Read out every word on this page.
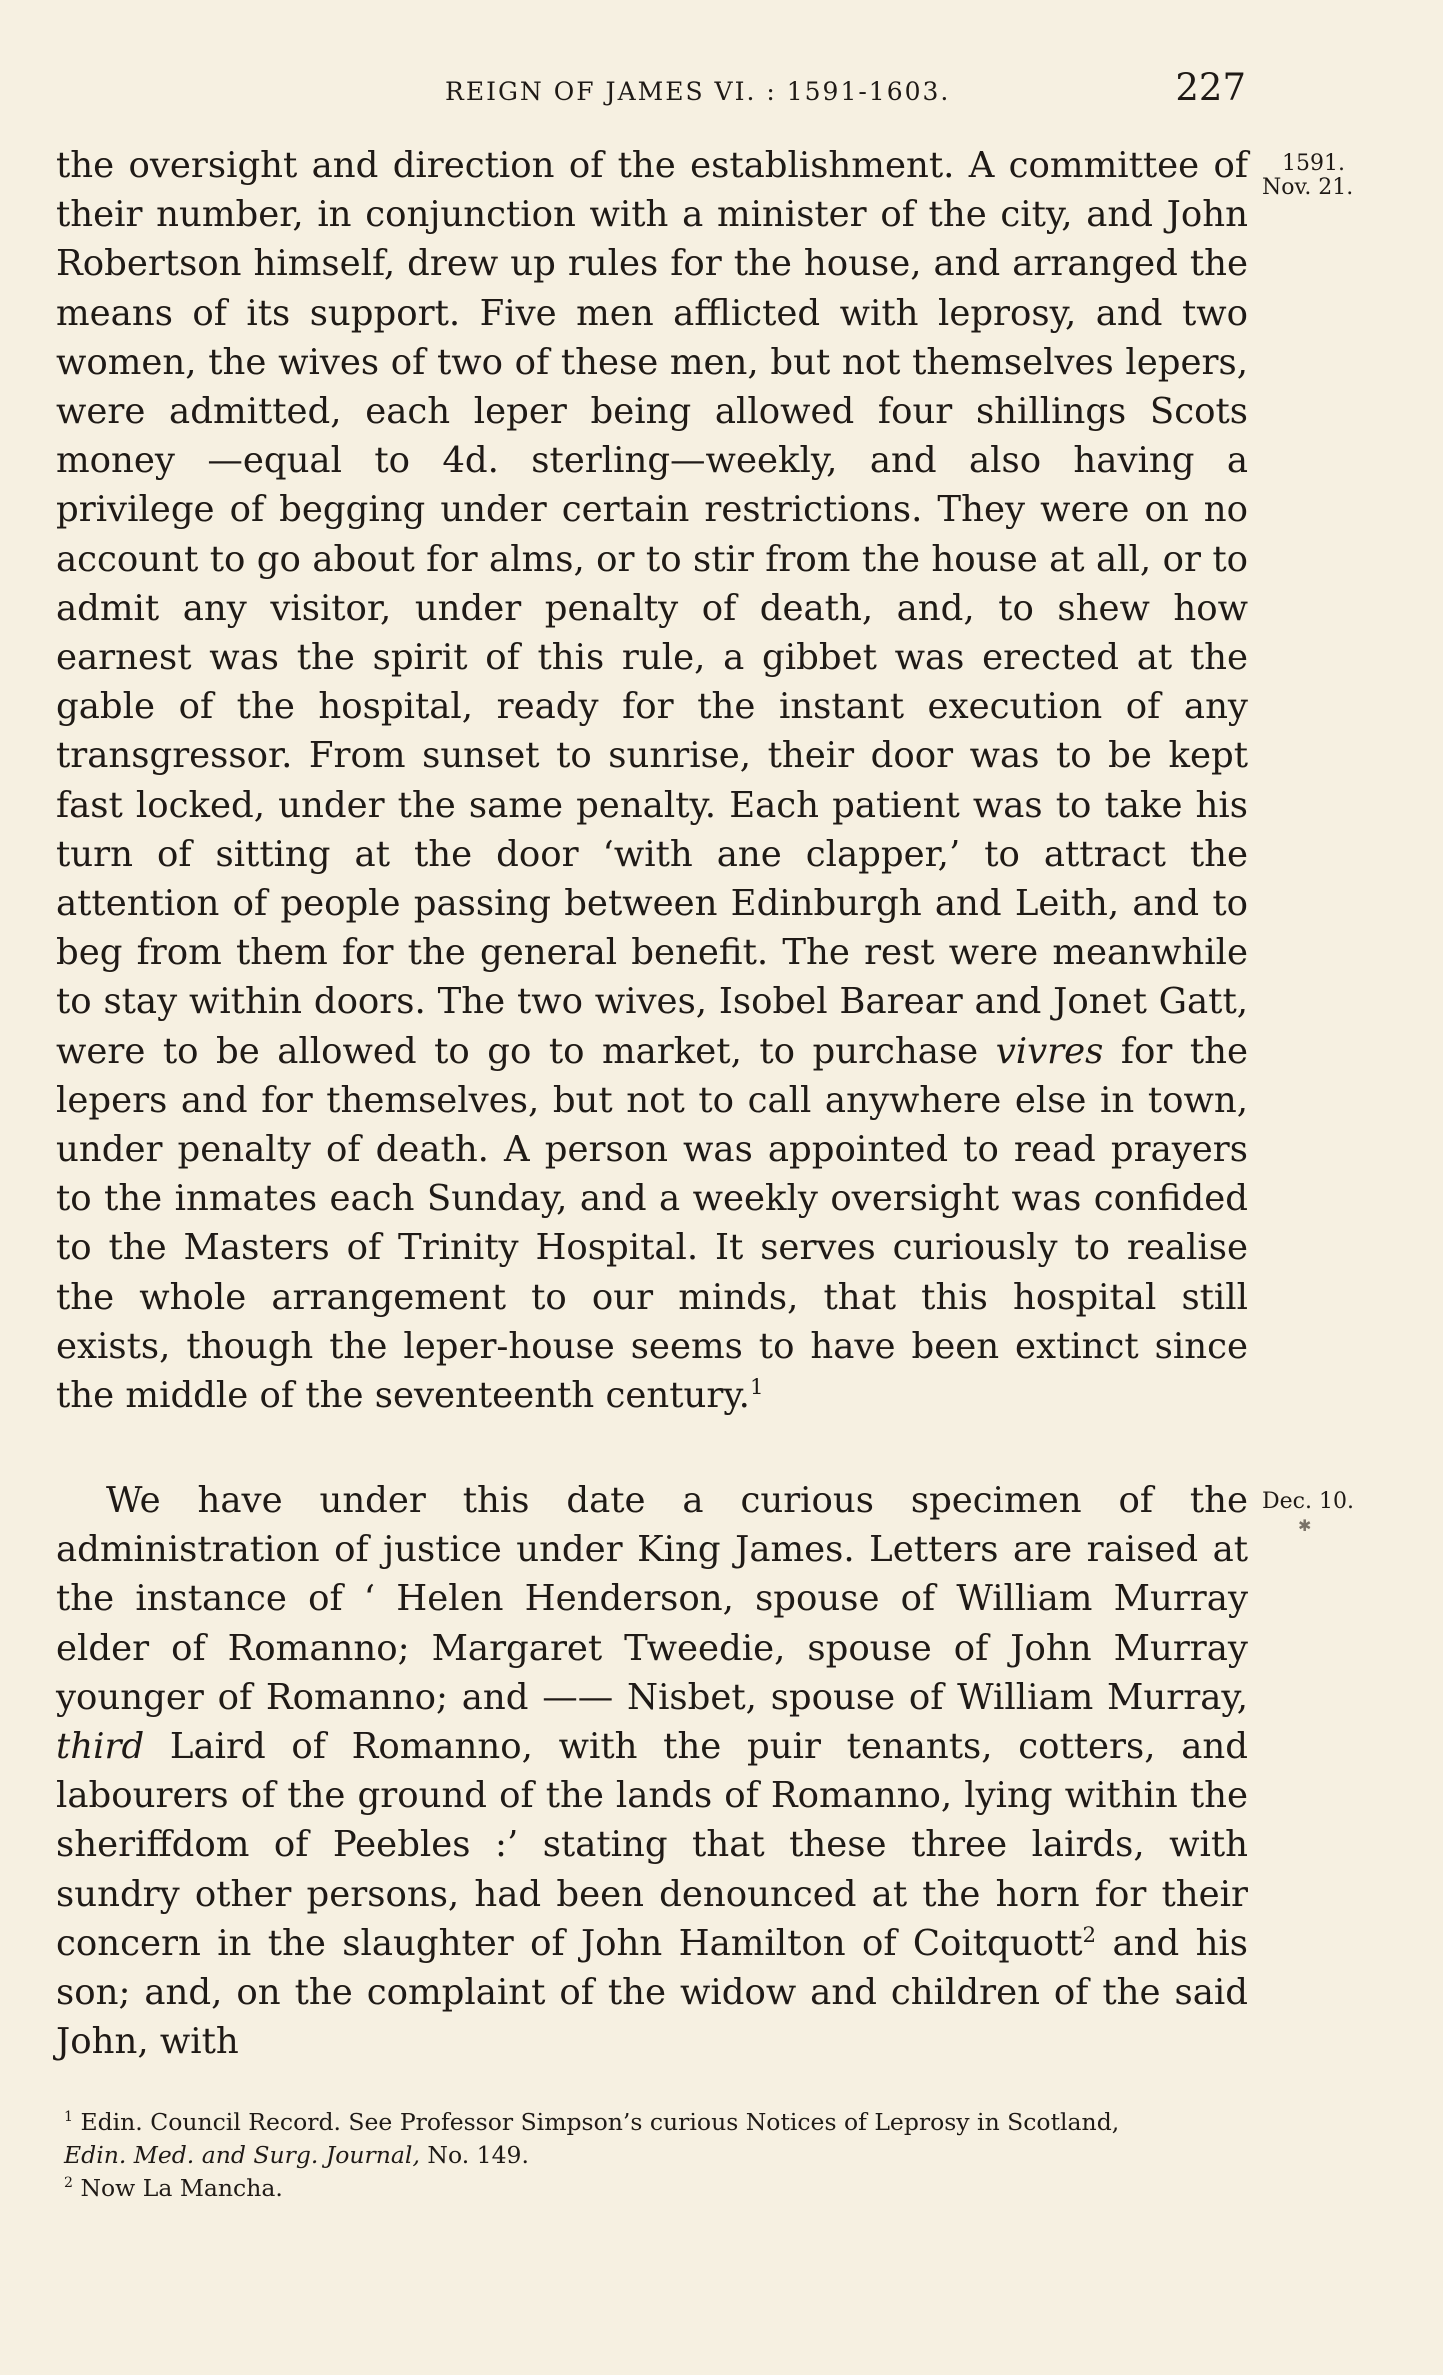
REIGN OF JAMES VI. : 1591-1603.	227
1591.
Nov. 21.

the oversight and direction of the establishment. A committee of their number, in conjunction with a minister of the city, and John Robertson himself, drew up rules for the house, and arranged the means of its support. Five men afflicted with leprosy, and two women, the wives of two of these men, but not themselves lepers, were admitted, each leper being allowed four shillings Scots money —equal to 4d. sterling—weekly, and also having a privilege of begging under certain restrictions. They were on no account to go about for alms, or to stir from the house at all, or to admit any visitor, under penalty of death, and, to shew how earnest was the spirit of this rule, a gibbet was erected at the gable of the hospital, ready for the instant execution of any transgressor. From sunset to sunrise, their door was to be kept fast locked, under the same penalty. Each patient was to take his turn of sitting at the door ‘with ane clapper,’ to attract the attention of people passing between Edinburgh and Leith, and to beg from them for the general benefit. The rest were meanwhile to stay within doors. The two wives, Isobel Barear and Jonet Gatt, were to be allowed to go to market, to purchase vivres for the lepers and for themselves, but not to call anywhere else in town, under penalty of death. A person was appointed to read prayers to the inmates each Sunday, and a weekly oversight was confided to the Masters of Trinity Hospital. It serves curiously to realise the whole arrangement to our minds, that this hospital still exists, though the leper-house seems to have been extinct since the middle of the seventeenth century.$^1$

Dec. 10.
✱

We have under this date a curious specimen of the administration of justice under King James. Letters are raised at the instance of ‘ Helen Henderson, spouse of William Murray elder of Romanno; Margaret Tweedie, spouse of John Murray younger of Romanno; and —— Nisbet, spouse of William Murray, third Laird of Romanno, with the puir tenants, cotters, and labourers of the ground of the lands of Romanno, lying within the sheriffdom of Peebles :’ stating that these three lairds, with sundry other persons, had been denounced at the horn for their concern in the slaughter of John Hamilton of Coitquott$^2$ and his son; and, on the complaint of the widow and children of the said John, with

$^1$ Edin. Council Record. See Professor Simpson’s curious Notices of Leprosy in Scotland,

Edin. Med. and Surg. Journal, No. 149.

$^2$ Now La Mancha.
